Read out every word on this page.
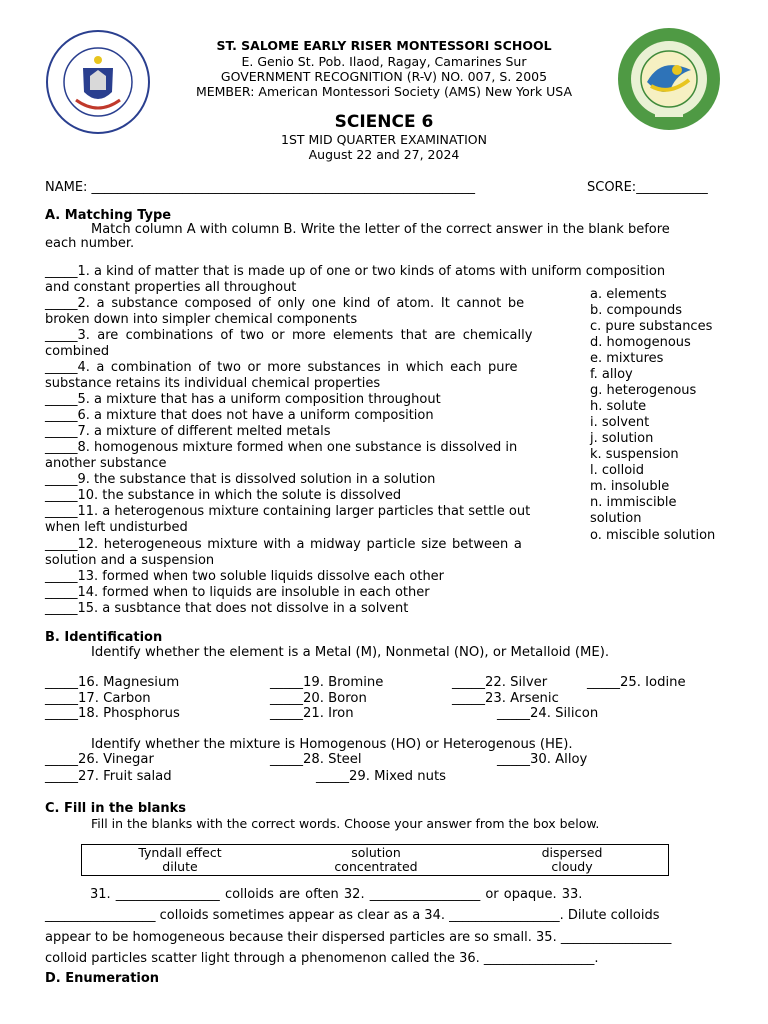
ST. SALOME EARLY RISER MONTESSORI SCHOOL
E. Genio St. Pob. Ilaod, Ragay, Camarines Sur
GOVERNMENT RECOGNITION (R-V) NO. 007, S. 2005
MEMBER: American Montessori Society (AMS) New York USA
SCIENCE 6
1ST MID QUARTER EXAMINATION
August 22 and 27, 2024
NAME: ___________________________________________________________	SCORE:___________
A. Matching Type
Match column A with column B. Write the letter of the correct answer in the blank before
each number.
_____1. a kind of matter that is made up of one or two kinds of atoms with uniform composition
and constant properties all throughout
_____2. a substance composed of only one kind of atom. It cannot be
broken down into simpler chemical components
_____3. are combinations of two or more elements that are chemically
combined
_____4. a combination of two or more substances in which each pure
substance retains its individual chemical properties
_____5. a mixture that has a uniform composition throughout
_____6. a mixture that does not have a uniform composition
_____7. a mixture of different melted metals
_____8. homogenous mixture formed when one substance is dissolved in
another substance
_____9. the substance that is dissolved solution in a solution
_____10. the substance in which the solute is dissolved
_____11. a heterogenous mixture containing larger particles that settle out
when left undisturbed
_____12. heterogeneous mixture with a midway particle size between a
solution and a suspension
_____13. formed when two soluble liquids dissolve each other
_____14. formed when to liquids are insoluble in each other
_____15. a susbtance that does not dissolve in a solvent
a. elements
b. compounds
c. pure substances
d. homogenous
e. mixtures
f. alloy
g. heterogenous
h. solute
i. solvent
j. solution
k. suspension
l. colloid
m. insoluble
n. immiscible
solution
o. miscible solution
B. Identification
Identify whether the element is a Metal (M), Nonmetal (NO), or Metalloid (ME).
_____16. Magnesium
_____17. Carbon
_____18. Phosphorus
_____19. Bromine
_____20. Boron
_____21. Iron
_____22. Silver
_____23. Arsenic
_____24. Silicon
_____25. Iodine
Identify whether the mixture is Homogenous (HO) or Heterogenous (HE).
_____26. Vinegar
_____27. Fruit salad
_____28. Steel
_____29. Mixed nuts
_____30. Alloy
C. Fill in the blanks
Fill in the blanks with the correct words. Choose your answer from the box below.
Tyndall effect	solution	dispersed
dilute	concentrated	cloudy
31. ________________ colloids are often 32. _________________ or opaque. 33.
_________________ colloids sometimes appear as clear as a 34. _________________. Dilute colloids
appear to be homogeneous because their dispersed particles are so small. 35. _________________
colloid particles scatter light through a phenomenon called the 36. _________________.
D. Enumeration
